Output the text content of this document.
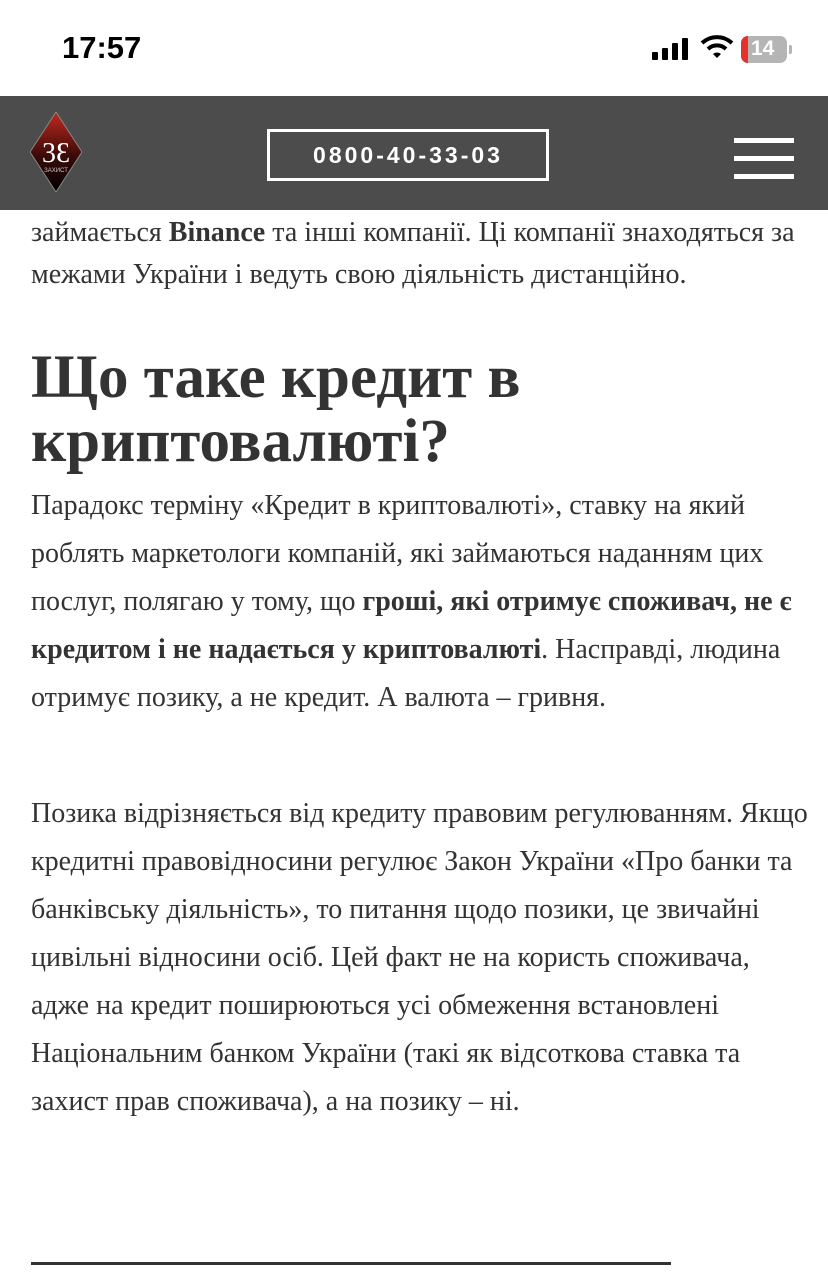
17:57	14
3Ɛ
ЗАХИСТ
0800-40-33-03
займається Binance та інші компанії. Ці компанії знаходяться за межами України і ведуть свою діяльність дистанційно.
Що таке кредит в криптовалюті?

Парадокс терміну «Кредит в криптовалюті», ставку на який роблять маркетологи компаній, які займаються наданням цих послуг, полягаю у тому, що гроші, які отримує споживач, не є кредитом і не надається у криптовалюті. Насправді, людина отримує позику, а не кредит. А валюта – гривня.

Позика відрізняється від кредиту правовим регулюванням. Якщо кредитні правовідносини регулює Закон України «Про банки та банківську діяльність», то питання щодо позики, це звичайні цивільні відносини осіб. Цей факт не на користь споживача, адже на кредит поширюються усі обмеження встановлені Національним банком України (такі як відсоткова ставка та захист прав споживача), а на позику – ні.
